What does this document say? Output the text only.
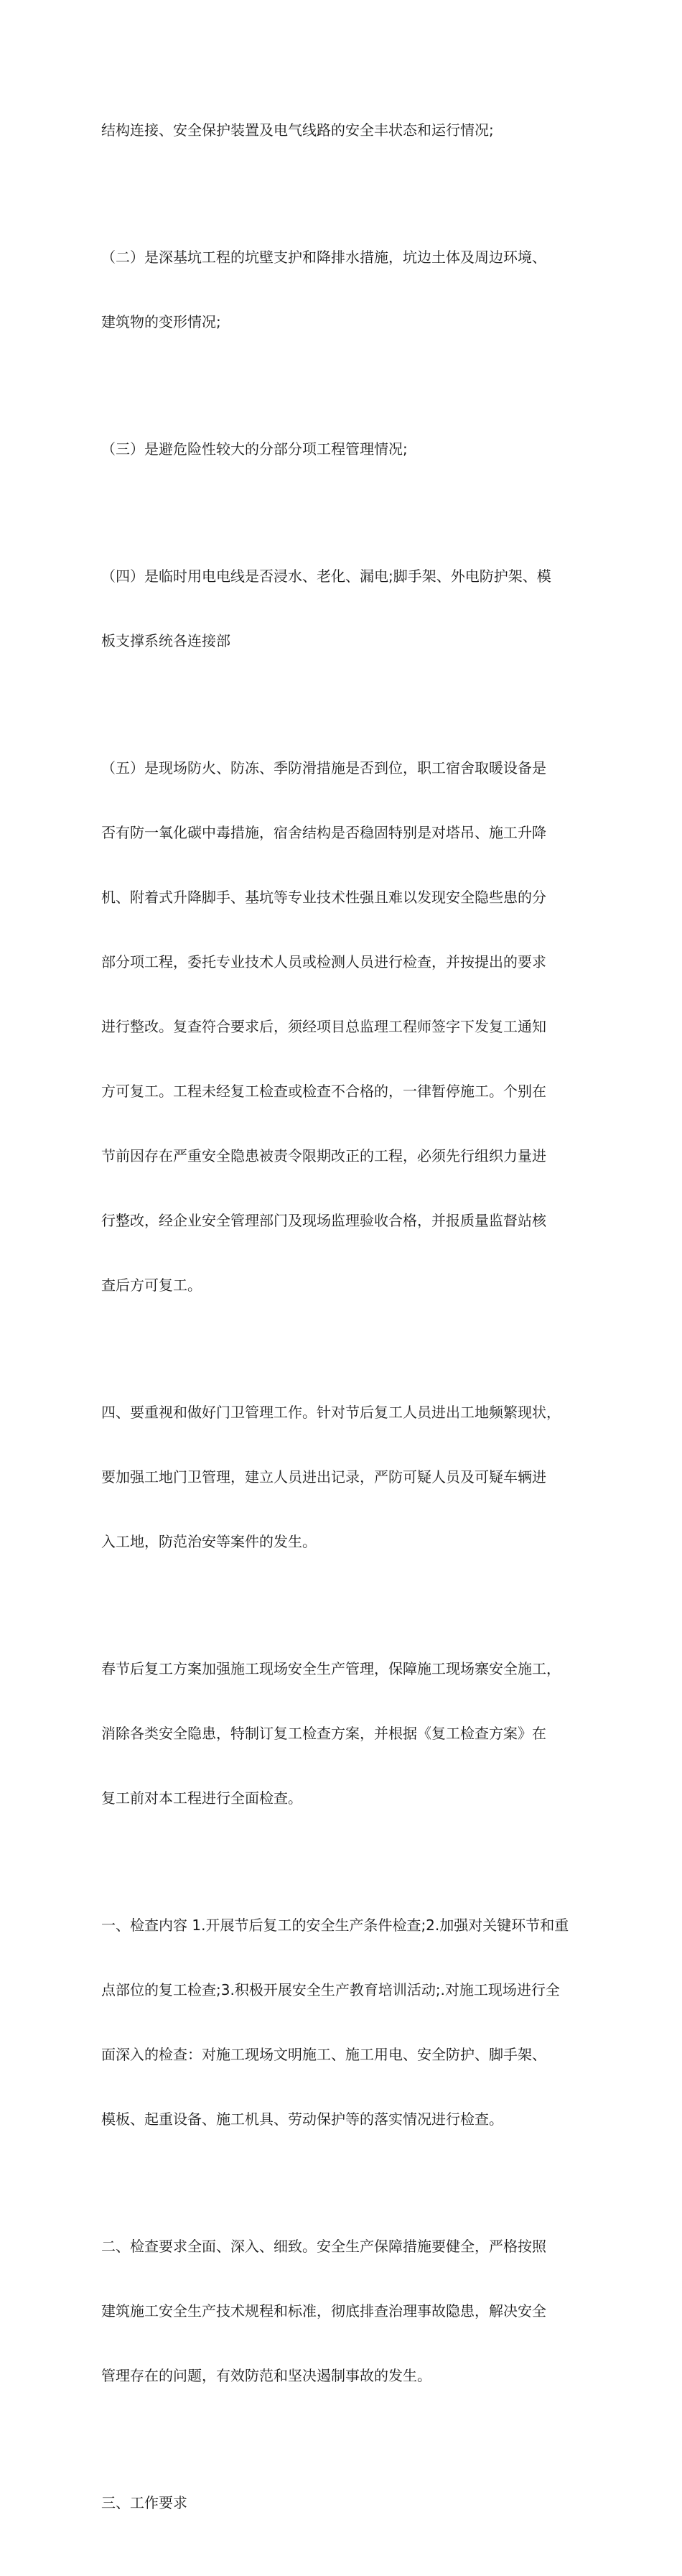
结构连接、安全保护装置及电气线路的安全丰状态和运行情况;

（二）是深基坑工程的坑壁支护和降排水措施，坑边土体及周边环境、

建筑物的变形情况;

（三）是避危险性较大的分部分项工程管理情况;

（四）是临时用电电线是否浸水、老化、漏电;脚手架、外电防护架、模

板支撑系统各连接部

（五）是现场防火、防冻、季防滑措施是否到位，职工宿舍取暖设备是

否有防一氧化碳中毒措施，宿舍结构是否稳固特别是对塔吊、施工升降

机、附着式升降脚手、基坑等专业技术性强且难以发现安全隐些患的分

部分项工程，委托专业技术人员或检测人员进行检查，并按提出的要求

进行整改。复查符合要求后，须经项目总监理工程师签字下发复工通知

方可复工。工程未经复工检查或检查不合格的，一律暂停施工。个别在

节前因存在严重安全隐患被责令限期改正的工程，必须先行组织力量进

行整改，经企业安全管理部门及现场监理验收合格，并报质量监督站核

查后方可复工。

四、要重视和做好门卫管理工作。针对节后复工人员进出工地频繁现状，

要加强工地门卫管理，建立人员进出记录，严防可疑人员及可疑车辆进

入工地，防范治安等案件的发生。

春节后复工方案加强施工现场安全生产管理，保障施工现场寨安全施工，

消除各类安全隐患，特制订复工检查方案，并根据《复工检查方案》在

复工前对本工程进行全面检查。

一、检查内容 1.开展节后复工的安全生产条件检查;2.加强对关键环节和重

点部位的复工检查;3.积极开展安全生产教育培训活动;.对施工现场进行全

面深入的检查：对施工现场文明施工、施工用电、安全防护、脚手架、

模板、起重设备、施工机具、劳动保护等的落实情况进行检查。

二、检查要求全面、深入、细致。安全生产保障措施要健全，严格按照

建筑施工安全生产技术规程和标准，彻底排查治理事故隐患，解决安全

管理存在的问题，有效防范和坚决遏制事故的发生。

三、工作要求
